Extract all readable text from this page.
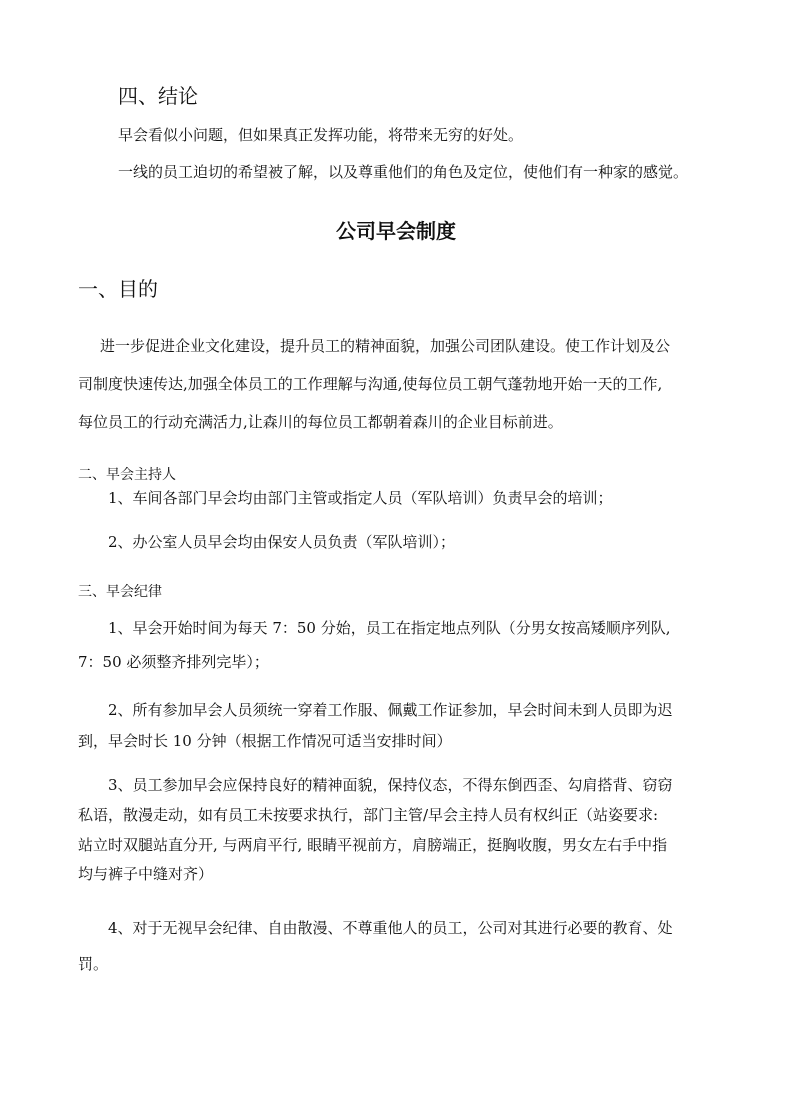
四、结论
早会看似小问题，但如果真正发挥功能，将带来无穷的好处。
一线的员工迫切的希望被了解，以及尊重他们的角色及定位，使他们有一种家的感觉。
公司早会制度
一、目的
进一步促进企业文化建设，提升员工的精神面貌，加强公司团队建设。使工作计划及公
司制度快速传达,加强全体员工的工作理解与沟通,使每位员工朝气蓬勃地开始一天的工作,
每位员工的行动充满活力,让森川的每位员工都朝着森川的企业目标前进。
二、早会主持人
1、车间各部门早会均由部门主管或指定人员（军队培训）负责早会的培训；
2、办公室人员早会均由保安人员负责（军队培训）；
三、早会纪律
1、早会开始时间为每天 7：50 分始，员工在指定地点列队（分男女按高矮顺序列队,
7：50 必须整齐排列完毕）；
2、所有参加早会人员须统一穿着工作服、佩戴工作证参加，早会时间未到人员即为迟
到，早会时长 10 分钟（根据工作情况可适当安排时间）
3、员工参加早会应保持良好的精神面貌，保持仪态，不得东倒西歪、勾肩搭背、窃窃
私语，散漫走动，如有员工未按要求执行，部门主管/早会主持人员有权纠正（站姿要求:
站立时双腿站直分开, 与两肩平行, 眼睛平视前方，肩膀端正，挺胸收腹，男女左右手中指
均与裤子中缝对齐）
4、对于无视早会纪律、自由散漫、不尊重他人的员工，公司对其进行必要的教育、处
罚。
